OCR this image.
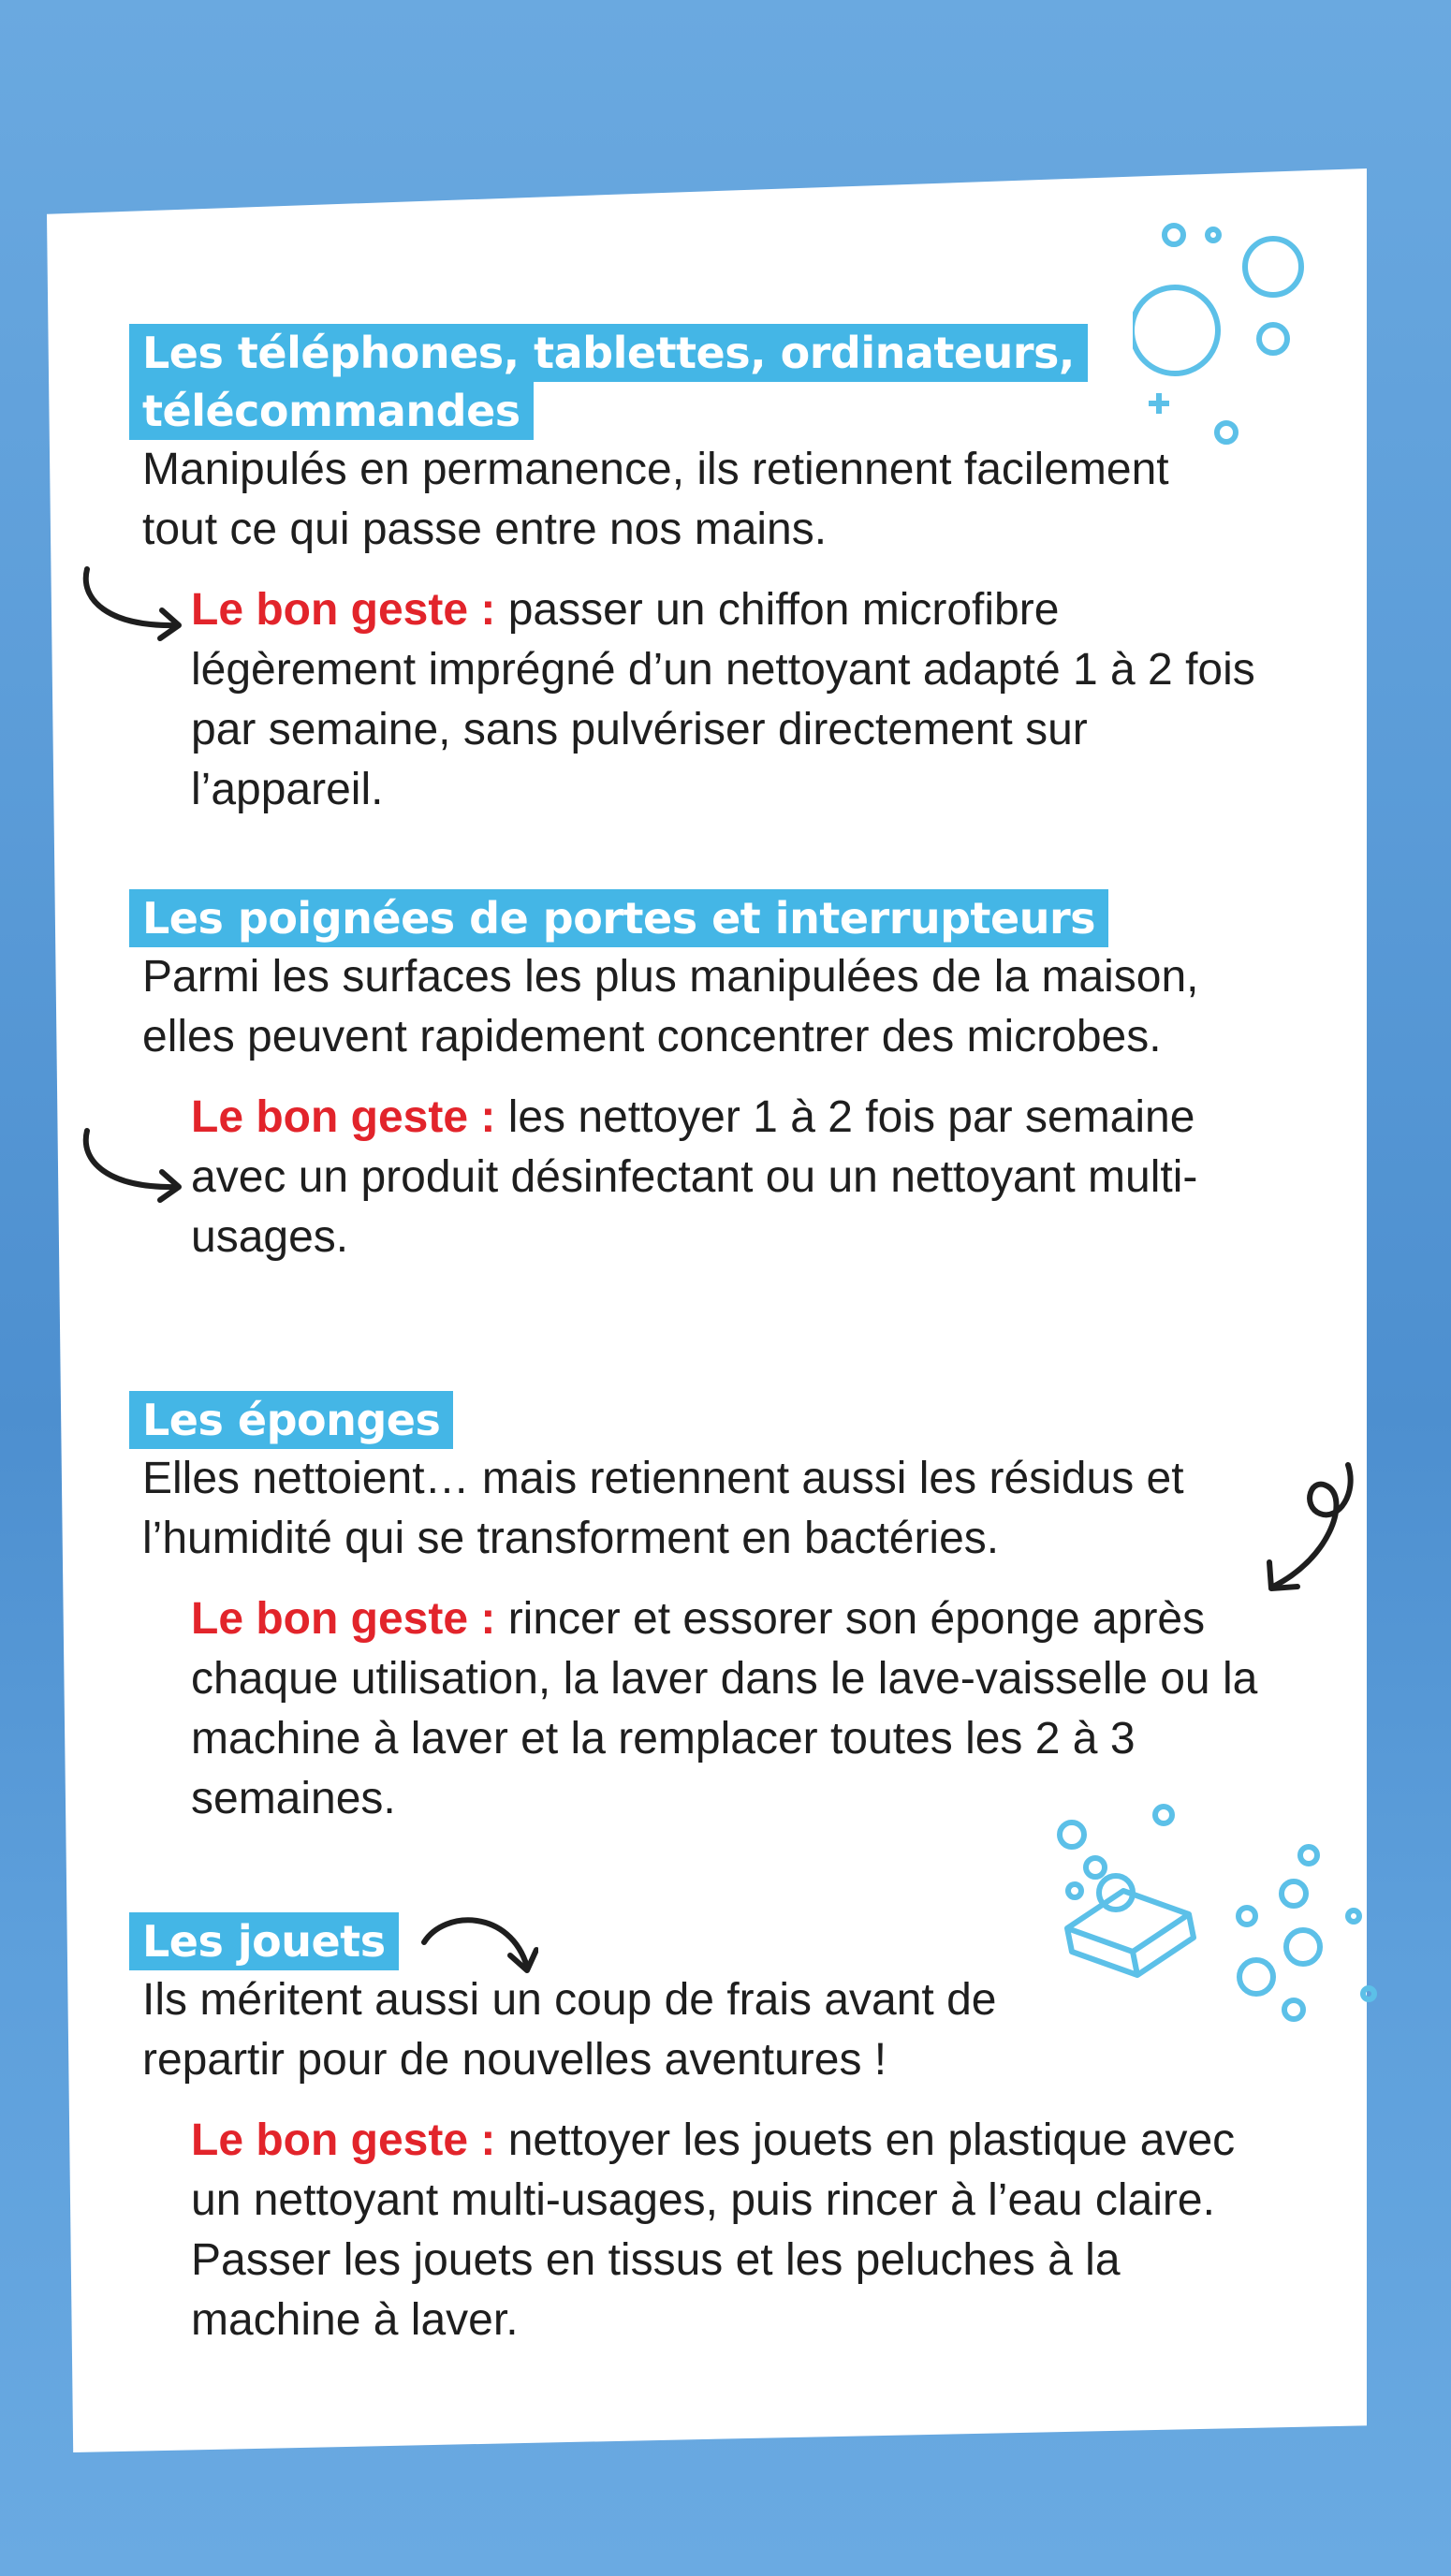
Les téléphones, tablettes, ordinateurs,
télécommandes

Manipulés en permanence, ils retiennent facilement tout ce qui passe entre nos mains.

Le bon geste : passer un chiffon microfibre légèrement imprégné d’un nettoyant adapté 1 à 2 fois par semaine, sans pulvériser directement sur l’appareil.

Les poignées de portes et interrupteurs

Parmi les surfaces les plus manipulées de la maison, elles peuvent rapidement concentrer des microbes.

Le bon geste : les nettoyer 1 à 2 fois par semaine avec un produit désinfectant ou un nettoyant multi-usages.

Les éponges

Elles nettoient… mais retiennent aussi les résidus et l’humidité qui se transforment en bactéries.

Le bon geste : rincer et essorer son éponge après chaque utilisation, la laver dans le lave-vaisselle ou la machine à laver et la remplacer toutes les 2 à 3 semaines.

Les jouets

Ils méritent aussi un coup de frais avant de repartir pour de nouvelles aventures !

Le bon geste : nettoyer les jouets en plastique avec un nettoyant multi-usages, puis rincer à l’eau claire. Passer les jouets en tissus et les peluches à la machine à laver.
